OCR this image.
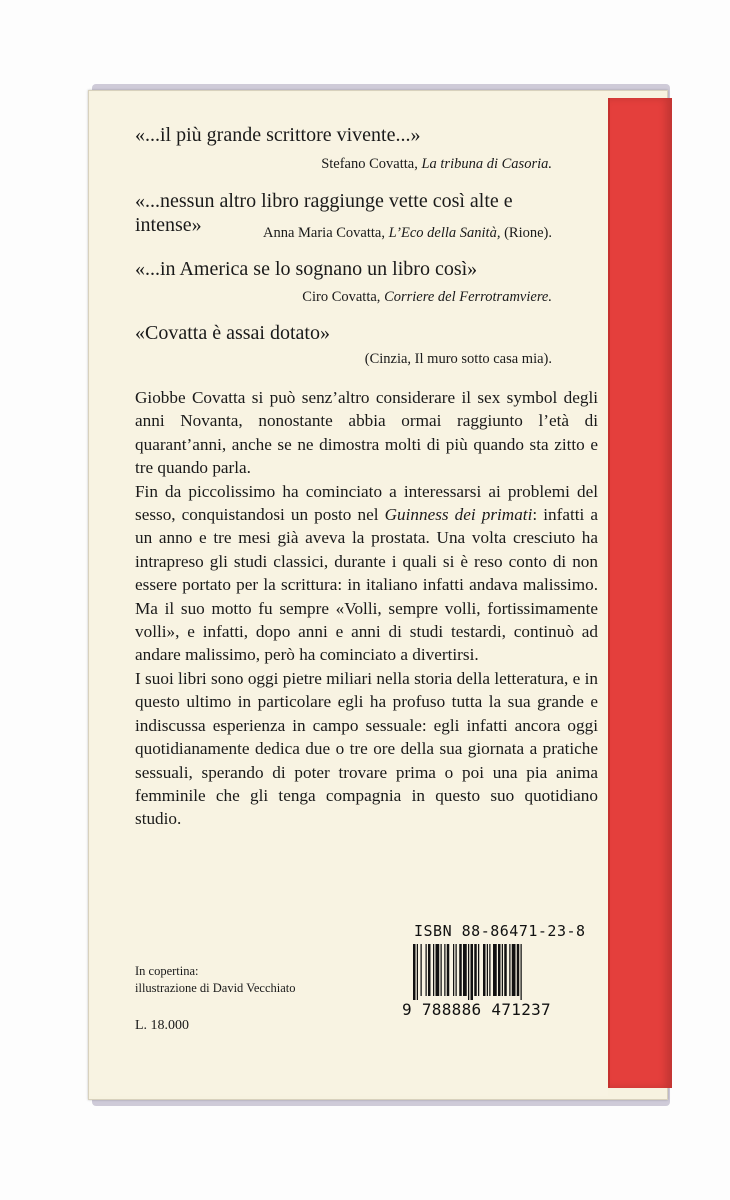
«...il più grande scrittore vivente...»
Stefano Covatta, La tribuna di Casoria.
«...nessun altro libro raggiunge vette così alte e
intense»	Anna Maria Covatta, L’Eco della Sanità, (Rione).
«...in America se lo sognano un libro così»
Ciro Covatta, Corriere del Ferrotramviere.
«Covatta è assai dotato»
(Cinzia, Il muro sotto casa mia).

Giobbe Covatta si può senz’altro considerare il sex symbol degli anni Novanta, nonostante abbia ormai raggiunto l’età di quarant’anni, anche se ne dimostra molti di più quando sta zitto e tre quando parla.

Fin da piccolissimo ha cominciato a interessarsi ai problemi del sesso, conquistandosi un posto nel Guinness dei primati: infatti a un anno e tre mesi già aveva la prostata. Una volta cresciuto ha intrapreso gli studi classici, durante i quali si è reso conto di non essere portato per la scrittura: in italiano infatti andava malissimo. Ma il suo motto fu sempre «Volli, sempre volli, fortissimamente volli», e infatti, dopo anni e anni di studi testardi, continuò ad andare malissimo, però ha cominciato a divertirsi.

I suoi libri sono oggi pietre miliari nella storia della letteratura, e in questo ultimo in particolare egli ha profuso tutta la sua grande e indiscussa esperienza in campo sessuale: egli infatti ancora oggi quotidianamente dedica due o tre ore della sua giornata a pratiche sessuali, sperando di poter trovare prima o poi una pia anima femminile che gli tenga compagnia in questo suo quotidiano studio.

In copertina:
illustrazione di David Vecchiato
L. 18.000
ISBN 88-86471-23-8
9 788886 471237
